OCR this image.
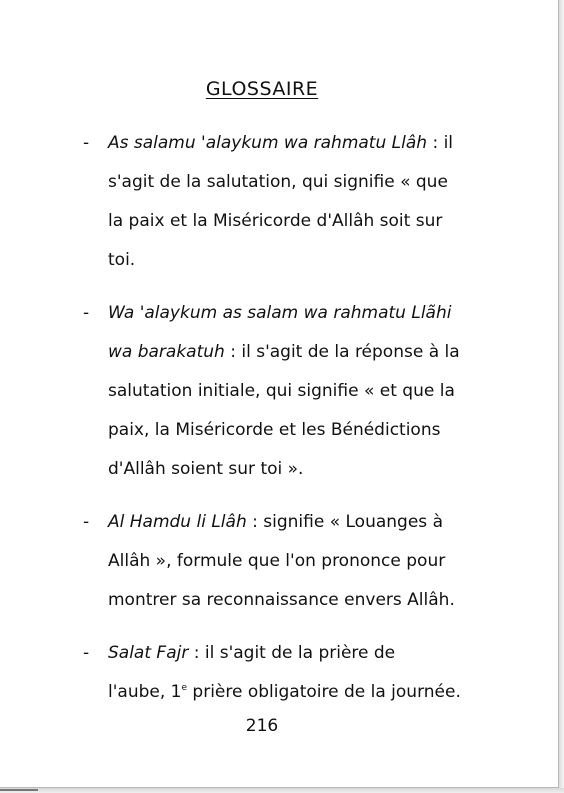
GLOSSAIRE
- As salamu 'alaykum wa rahmatu Llâh : il
s'agit de la salutation, qui signifie « que
la paix et la Miséricorde d'Allâh soit sur
toi.
- Wa 'alaykum as salam wa rahmatu Llãhi
wa barakatuh : il s'agit de la réponse à la
salutation initiale, qui signifie « et que la
paix, la Miséricorde et les Bénédictions
d'Allâh soient sur toi ».
- Al Hamdu li Llâh : signifie « Louanges à
Allâh », formule que l'on prononce pour
montrer sa reconnaissance envers Allâh.
- Salat Fajr : il s'agit de la prière de
l'aube, 1e prière obligatoire de la journée.
216
